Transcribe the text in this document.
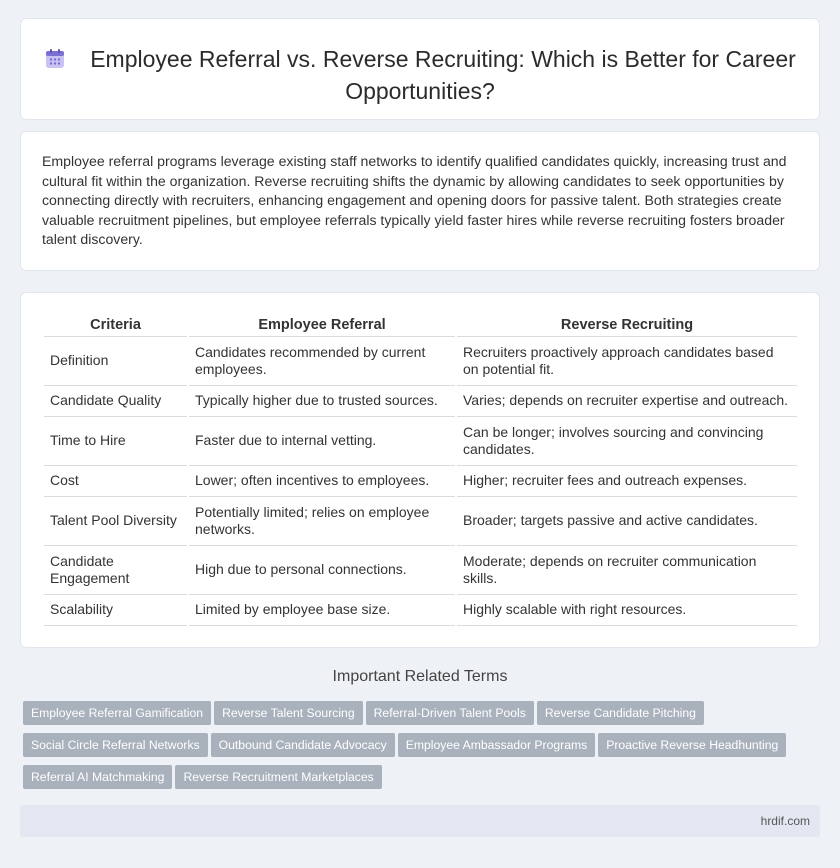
Employee Referral vs. Reverse Recruiting: Which is Better for Career Opportunities?

Employee referral programs leverage existing staff networks to identify qualified candidates quickly, increasing trust and cultural fit within the organization. Reverse recruiting shifts the dynamic by allowing candidates to seek opportunities by connecting directly with recruiters, enhancing engagement and opening doors for passive talent. Both strategies create valuable recruitment pipelines, but employee referrals typically yield faster hires while reverse recruiting fosters broader talent discovery.

Criteria	Employee Referral	Reverse Recruiting
Definition	Candidates recommended by current employees.	Recruiters proactively approach candidates based on potential fit.
Candidate Quality	Typically higher due to trusted sources.	Varies; depends on recruiter expertise and outreach.
Time to Hire	Faster due to internal vetting.	Can be longer; involves sourcing and convincing candidates.
Cost	Lower; often incentives to employees.	Higher; recruiter fees and outreach expenses.
Talent Pool Diversity	Potentially limited; relies on employee networks.	Broader; targets passive and active candidates.
Candidate Engagement	High due to personal connections.	Moderate; depends on recruiter communication skills.
Scalability	Limited by employee base size.	Highly scalable with right resources.
Important Related Terms
Employee Referral Gamification Reverse Talent Sourcing Referral-Driven Talent Pools Reverse Candidate Pitching
Social Circle Referral Networks Outbound Candidate Advocacy Employee Ambassador Programs Proactive Reverse Headhunting
Referral AI Matchmaking Reverse Recruitment Marketplaces
hrdif.com
